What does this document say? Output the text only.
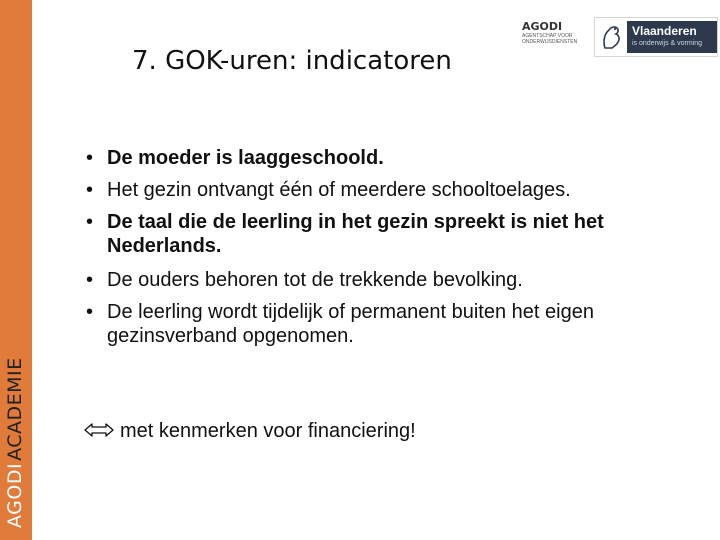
AGODIACADEMIE
7. GOK-uren: indicatoren
AGODI
AGENTSCHAP VOOR ONDERWIJSDIENSTEN
Vlaanderen
is onderwijs & vorming
• De moeder is laaggeschoold.
• Het gezin ontvangt één of meerdere schooltoelages.
• De taal die de leerling in het gezin spreekt is niet het Nederlands.
• De ouders behoren tot de trekkende bevolking.
• De leerling wordt tijdelijk of permanent buiten het eigen gezinsverband opgenomen.
met kenmerken voor financiering!
